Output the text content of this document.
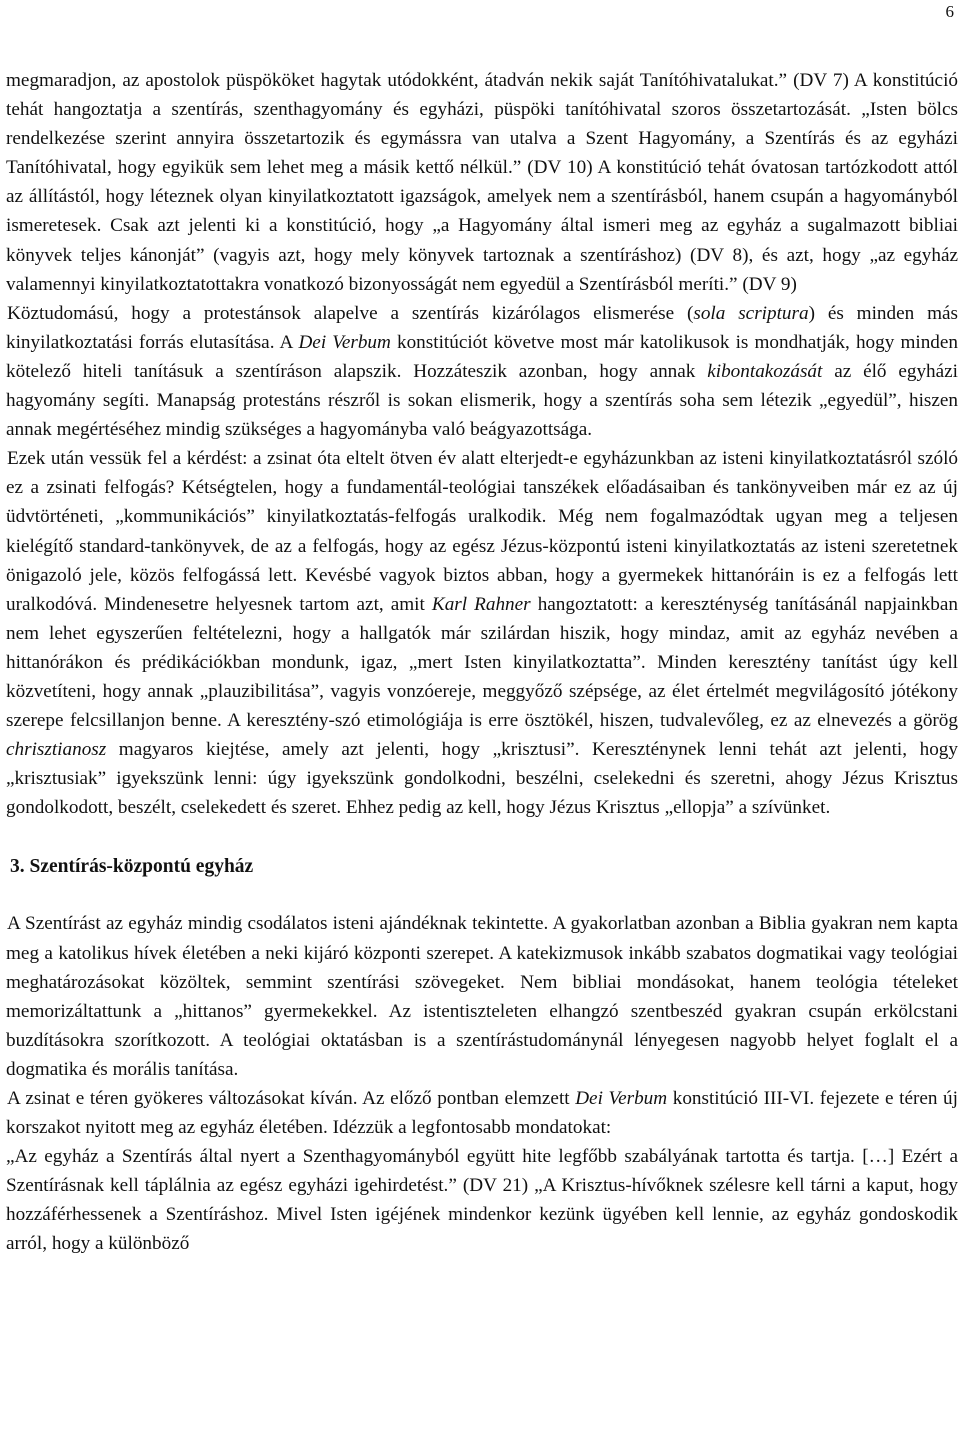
6

megmaradjon, az apostolok püspököket hagytak utódokként, átadván nekik saját Tanítóhivatalukat.” (DV 7) A konstitúció tehát hangoztatja a szentírás, szenthagyomány és egyházi, püspöki tanítóhivatal szoros összetartozását. „Isten bölcs rendelkezése szerint annyira összetartozik és egymássra van utalva a Szent Hagyomány, a Szentírás és az egyházi Tanítóhivatal, hogy egyikük sem lehet meg a másik kettő nélkül.” (DV 10) A konstitúció tehát óvatosan tartózkodott attól az állítástól, hogy léteznek olyan kinyilatkoztatott igazságok, amelyek nem a szentírásból, hanem csupán a hagyományból ismeretesek. Csak azt jelenti ki a konstitúció, hogy „a Hagyomány által ismeri meg az egyház a sugalmazott bibliai könyvek teljes kánonját” (vagyis azt, hogy mely könyvek tartoznak a szentíráshoz) (DV 8), és azt, hogy „az egyház valamennyi kinyilatkoztatottakra vonatkozó bizonyosságát nem egyedül a Szentírásból meríti.” (DV 9)

Köztudomású, hogy a protestánsok alapelve a szentírás kizárólagos elismerése (sola scriptura) és minden más kinyilatkoztatási forrás elutasítása. A Dei Verbum konstitúciót követve most már katolikusok is mondhatják, hogy minden kötelező hiteli tanításuk a szentíráson alapszik. Hozzáteszik azonban, hogy annak kibontakozását az élő egyházi hagyomány segíti. Manapság protestáns részről is sokan elismerik, hogy a szentírás soha sem létezik „egyedül”, hiszen annak megértéséhez mindig szükséges a hagyományba való beágyazottsága.

Ezek után vessük fel a kérdést: a zsinat óta eltelt ötven év alatt elterjedt-e egyházunkban az isteni kinyilatkoztatásról szóló ez a zsinati felfogás? Kétségtelen, hogy a fundamentál-teológiai tanszékek előadásaiban és tankönyveiben már ez az új üdvtörténeti, „kommunikációs” kinyilatkoztatás-felfogás uralkodik. Még nem fogalmazódtak ugyan meg a teljesen kielégítő standard-tankönyvek, de az a felfogás, hogy az egész Jézus-központú isteni kinyilatkoztatás az isteni szeretetnek önigazoló jele, közös felfogássá lett. Kevésbé vagyok biztos abban, hogy a gyermekek hittanóráin is ez a felfogás lett uralkodóvá. Mindenesetre helyesnek tartom azt, amit Karl Rahner hangoztatott: a kereszténység tanításánál napjainkban nem lehet egyszerűen feltételezni, hogy a hallgatók már szilárdan hiszik, hogy mindaz, amit az egyház nevében a hittanórákon és prédikációkban mondunk, igaz, „mert Isten kinyilatkoztatta”. Minden keresztény tanítást úgy kell közvetíteni, hogy annak „plauzibilitása”, vagyis vonzóereje, meggyőző szépsége, az élet értelmét megvilágosító jótékony szerepe felcsillanjon benne. A keresztény-szó etimológiája is erre ösztökél, hiszen, tudvalevőleg, ez az elnevezés a görög chrisztianosz magyaros kiejtése, amely azt jelenti, hogy „krisztusi”. Kereszténynek lenni tehát azt jelenti, hogy „krisztusiak” igyekszünk lenni: úgy igyekszünk gondolkodni, beszélni, cselekedni és szeretni, ahogy Jézus Krisztus gondolkodott, beszélt, cselekedett és szeret. Ehhez pedig az kell, hogy Jézus Krisztus „ellopja” a szívünket.

3. Szentírás-központú egyház

A Szentírást az egyház mindig csodálatos isteni ajándéknak tekintette. A gyakorlatban azonban a Biblia gyakran nem kapta meg a katolikus hívek életében a neki kijáró központi szerepet. A katekizmusok inkább szabatos dogmatikai vagy teológiai meghatározásokat közöltek, semmint szentírási szövegeket. Nem bibliai mondásokat, hanem teológia tételeket memorizáltattunk a „hittanos” gyermekekkel. Az istentiszteleten elhangzó szentbeszéd gyakran csupán erkölcstani buzdításokra szorítkozott. A teológiai oktatásban is a szentírástudománynál lényegesen nagyobb helyet foglalt el a dogmatika és morális tanítása.

A zsinat e téren gyökeres változásokat kíván. Az előző pontban elemzett Dei Verbum konstitúció III-VI. fejezete e téren új korszakot nyitott meg az egyház életében. Idézzük a legfontosabb mondatokat:

„Az egyház a Szentírás által nyert a Szenthagyományból együtt hite legfőbb szabályának tartotta és tartja. […] Ezért a Szentírásnak kell táplálnia az egész egyházi igehirdetést.” (DV 21) „A Krisztus-hívőknek szélesre kell tárni a kaput, hogy hozzáférhessenek a Szentíráshoz. Mivel Isten igéjének mindenkor kezünk ügyében kell lennie, az egyház gondoskodik arról, hogy a különböző
